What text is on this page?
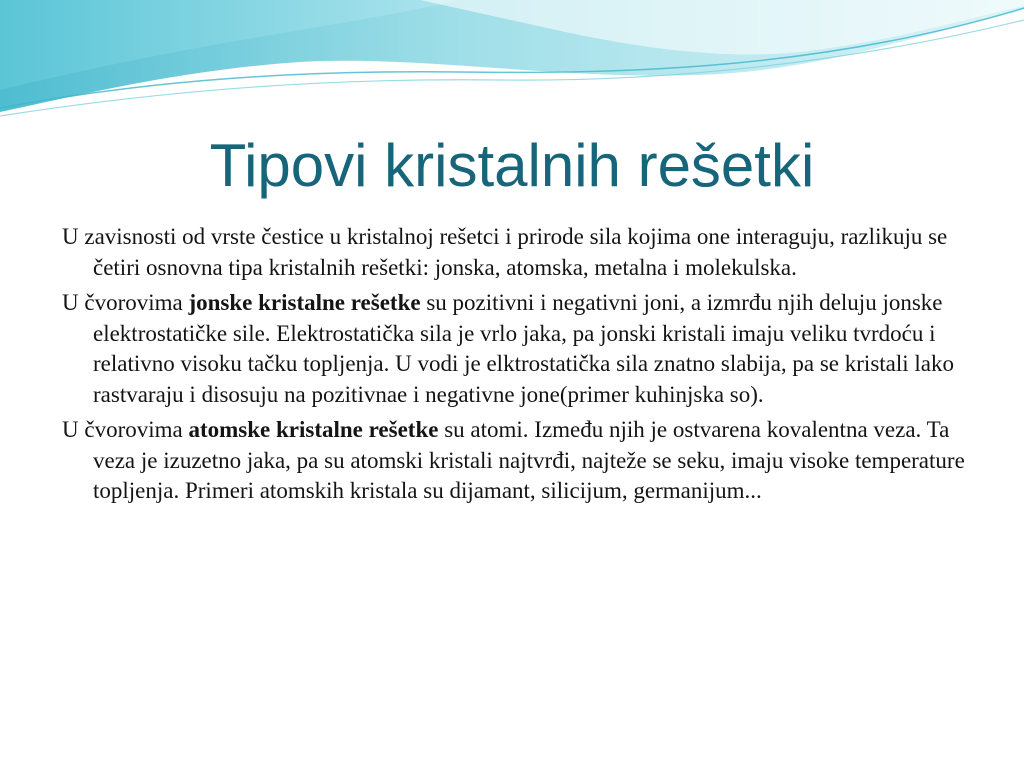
Tipovi kristalnih rešetki

U zavisnosti od vrste čestice u kristalnoj rešetci i prirode sila kojima one interaguju, razlikuju se četiri osnovna tipa kristalnih rešetki: jonska, atomska, metalna i molekulska.

U čvorovima jonske kristalne rešetke su pozitivni i negativni joni, a izmrđu njih deluju jonske elektrostatičke sile. Elektrostatička sila je vrlo jaka, pa jonski kristali imaju veliku tvrdoću i relativno visoku tačku topljenja. U vodi je elktrostatička sila znatno slabija, pa se kristali lako rastvaraju i disosuju na pozitivnae i negativne jone(primer kuhinjska so).

U čvorovima atomske kristalne rešetke su atomi. Između njih je ostvarena kovalentna veza. Ta veza je izuzetno jaka, pa su atomski kristali najtvrđi, najteže se seku, imaju visoke temperature topljenja. Primeri atomskih kristala su dijamant, silicijum, germanijum...
